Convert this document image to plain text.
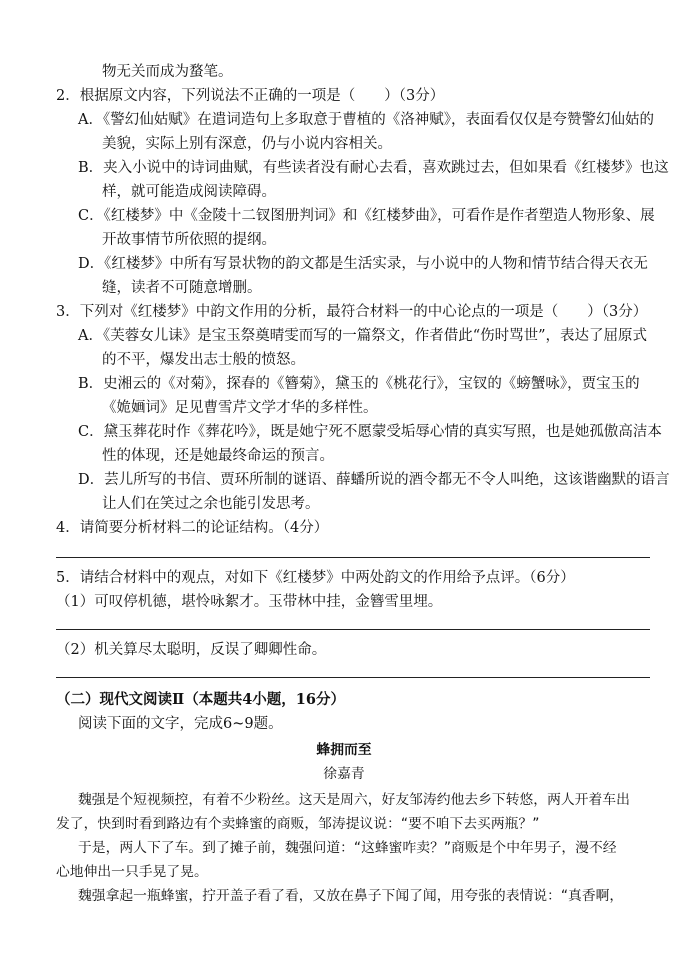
物无关而成为蝥笔。
2．根据原文内容，下列说法不正确的一项是（　　）（3分）
A．《警幻仙姑赋》在遣词造句上多取意于曹植的《洛神赋》，表面看仅仅是夸赞警幻仙姑的
美貌，实际上别有深意，仍与小说内容相关。
B．夹入小说中的诗词曲赋，有些读者没有耐心去看，喜欢跳过去，但如果看《红楼梦》也这
样，就可能造成阅读障碍。
C．《红楼梦》中《金陵十二钗图册判词》和《红楼梦曲》，可看作是作者塑造人物形象、展
开故事情节所依照的提纲。
D．《红楼梦》中所有写景状物的韵文都是生活实录，与小说中的人物和情节结合得天衣无
缝，读者不可随意增删。
3．下列对《红楼梦》中韵文作用的分析，最符合材料一的中心论点的一项是（　　）（3分）
A．《芙蓉女儿诔》是宝玉祭奠晴雯而写的一篇祭文，作者借此“伤时骂世”，表达了屈原式
的不平，爆发出志士般的愤怒。
B．史湘云的《对菊》，探春的《簪菊》，黛玉的《桃花行》，宝钗的《螃蟹咏》，贾宝玉的
《姽婳词》足见曹雪芹文学才华的多样性。
C．黛玉葬花时作《葬花吟》，既是她宁死不愿蒙受垢辱心情的真实写照，也是她孤傲高洁本
性的体现，还是她最终命运的预言。
D．芸儿所写的书信、贾环所制的谜语、薛蟠所说的酒令都无不令人叫绝，这该谐幽默的语言
让人们在笑过之余也能引发思考。
4．请简要分析材料二的论证结构。（4分）
5．请结合材料中的观点，对如下《红楼梦》中两处韵文的作用给予点评。（6分）
（1）可叹停机德，堪怜咏絮才。玉带林中挂，金簪雪里埋。
（2）机关算尽太聪明，反误了卿卿性命。
（二）现代文阅读Ⅱ（本题共4小题，16分）
阅读下面的文字，完成6~9题。
蜂拥而至
徐嘉青
魏强是个短视频控，有着不少粉丝。这天是周六，好友邹涛约他去乡下转悠，两人开着车出
发了，快到时看到路边有个卖蜂蜜的商贩，邹涛提议说：“要不咱下去买两瓶？”
于是，两人下了车。到了摊子前，魏强问道：“这蜂蜜咋卖？”商贩是个中年男子，漫不经
心地伸出一只手晃了晃。
魏强拿起一瓶蜂蜜，拧开盖子看了看，又放在鼻子下闻了闻，用夸张的表情说：“真香啊，
